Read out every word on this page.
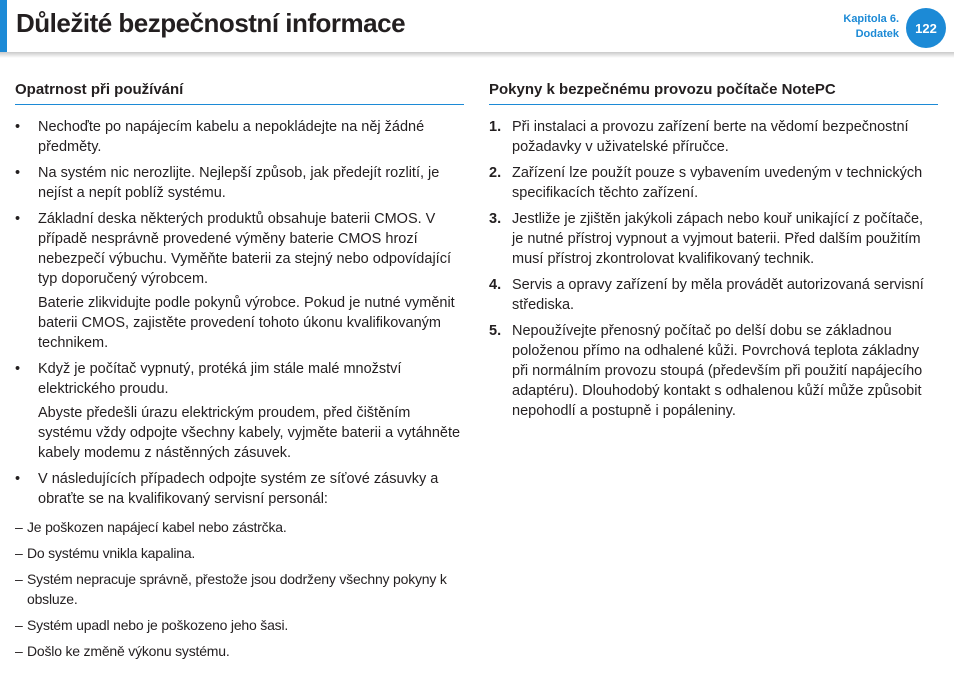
Důležité bezpečnostní informace	Kapitola 6.
Dodatek	122
Opatrnost při používání
•	Nechoďte po napájecím kabelu a nepokládejte na něj žádné předměty.

•	Na systém nic nerozlijte. Nejlepší způsob, jak předejít rozlití, je nejíst a nepít poblíž systému.

•	Základní deska některých produktů obsahuje baterii CMOS. V případě nesprávně provedené výměny baterie CMOS hrozí nebezpečí výbuchu. Vyměňte baterii za stejný nebo odpovídající typ doporučený výrobcem.

Baterie zlikvidujte podle pokynů výrobce. Pokud je nutné vyměnit baterii CMOS, zajistěte provedení tohoto úkonu kvalifikovaným technikem.

•	Když je počítač vypnutý, protéká jim stále malé množství elektrického proudu.

Abyste předešli úrazu elektrickým proudem, před čištěním systému vždy odpojte všechny kabely, vyjměte baterii a vytáhněte kabely modemu z nástěnných zásuvek.

•	V následujících případech odpojte systém ze síťové zásuvky a obraťte se na kvalifikovaný servisní personál:

– Je poškozen napájecí kabel nebo zástrčka.
– Do systému vnikla kapalina.
– Systém nepracuje správně, přestože jsou dodrženy všechny pokyny k obsluze.
– Systém upadl nebo je poškozeno jeho šasi.
– Došlo ke změně výkonu systému.
Pokyny k bezpečnému provozu počítače NotePC
1. Při instalaci a provozu zařízení berte na vědomí bezpečnostní požadavky v uživatelské příručce.
2. Zařízení lze použít pouze s vybavením uvedeným v technických specifikacích těchto zařízení.
3. Jestliže je zjištěn jakýkoli zápach nebo kouř unikající z počítače, je nutné přístroj vypnout a vyjmout baterii. Před dalším použitím musí přístroj zkontrolovat kvalifikovaný technik.
4. Servis a opravy zařízení by měla provádět autorizovaná servisní střediska.
5. Nepoužívejte přenosný počítač po delší dobu se základnou položenou přímo na odhalené kůži. Povrchová teplota základny při normálním provozu stoupá (především při použití napájecího adaptéru). Dlouhodobý kontakt s odhalenou kůží může způsobit nepohodlí a postupně i popáleniny.
